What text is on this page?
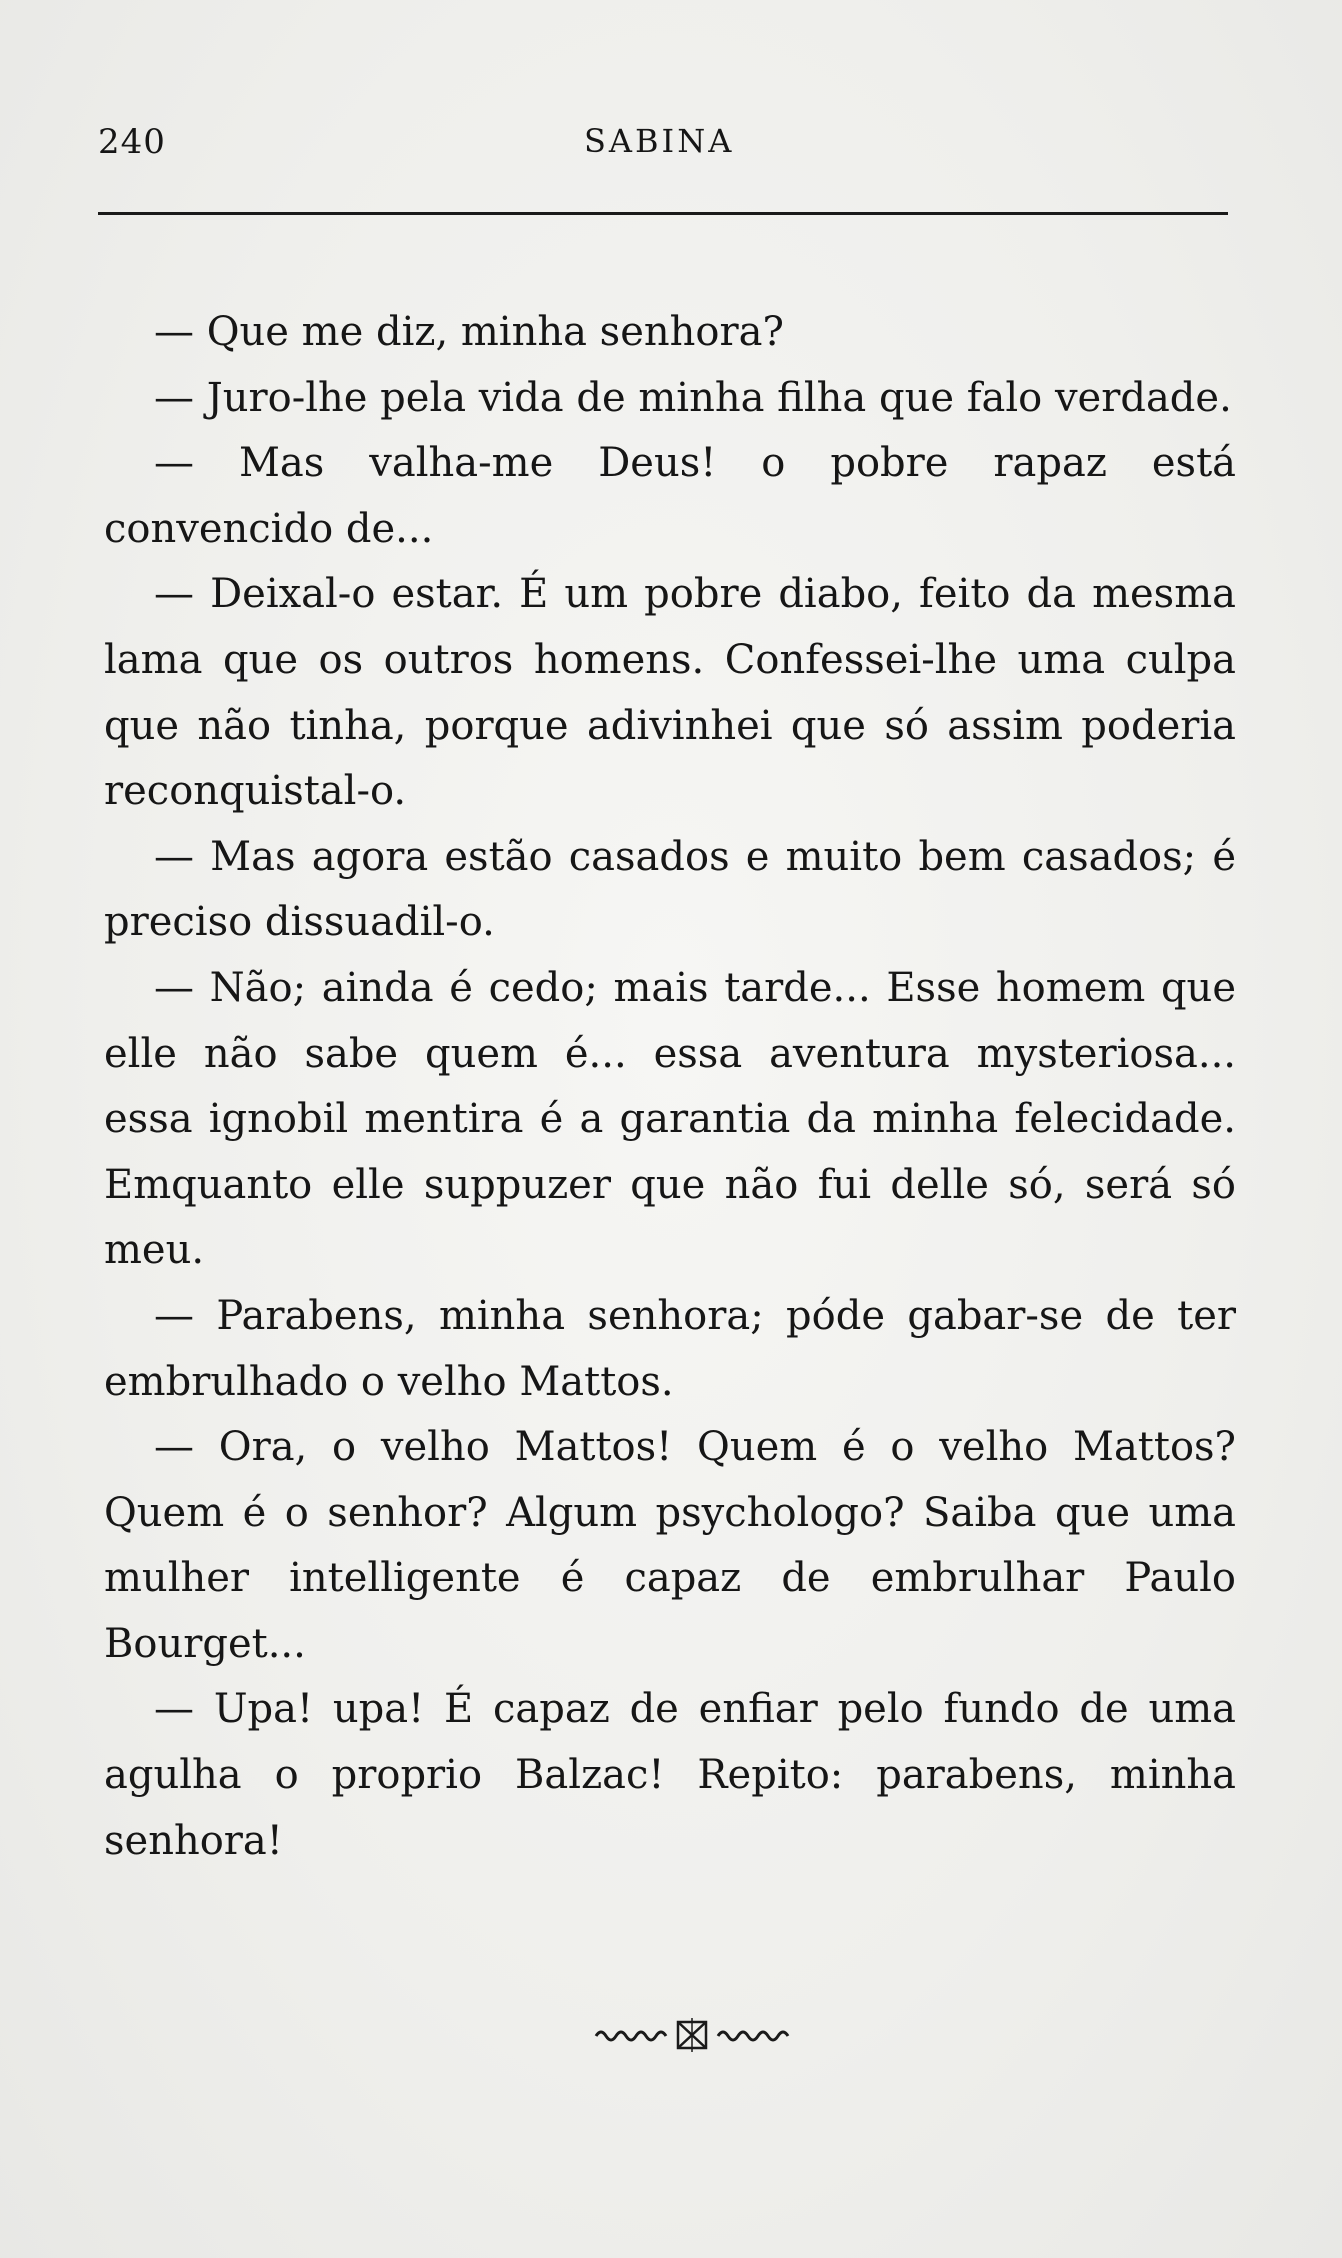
240	SABINA

— Que me diz, minha senhora?

— Juro-lhe pela vida de minha filha que falo verdade.

— Mas valha-me Deus! o pobre rapaz está convencido de...

— Deixal-o estar. É um pobre diabo, feito da mesma lama que os outros homens. Confessei-lhe uma culpa que não tinha, porque adivinhei que só assim poderia reconquistal-o.

— Mas agora estão casados e muito bem casados; é preciso dissuadil-o.

— Não; ainda é cedo; mais tarde... Esse homem que elle não sabe quem é... essa aventura mysteriosa... essa ignobil mentira é a garantia da minha felecidade. Emquanto elle suppuzer que não fui delle só, será só meu.

— Parabens, minha senhora; póde gabar-se de ter embrulhado o velho Mattos.

— Ora, o velho Mattos! Quem é o velho Mattos? Quem é o senhor? Algum psychologo? Saiba que uma mulher intelligente é capaz de embrulhar Paulo Bourget...

— Upa! upa! É capaz de enfiar pelo fundo de uma agulha o proprio Balzac! Repito: parabens, minha senhora!
